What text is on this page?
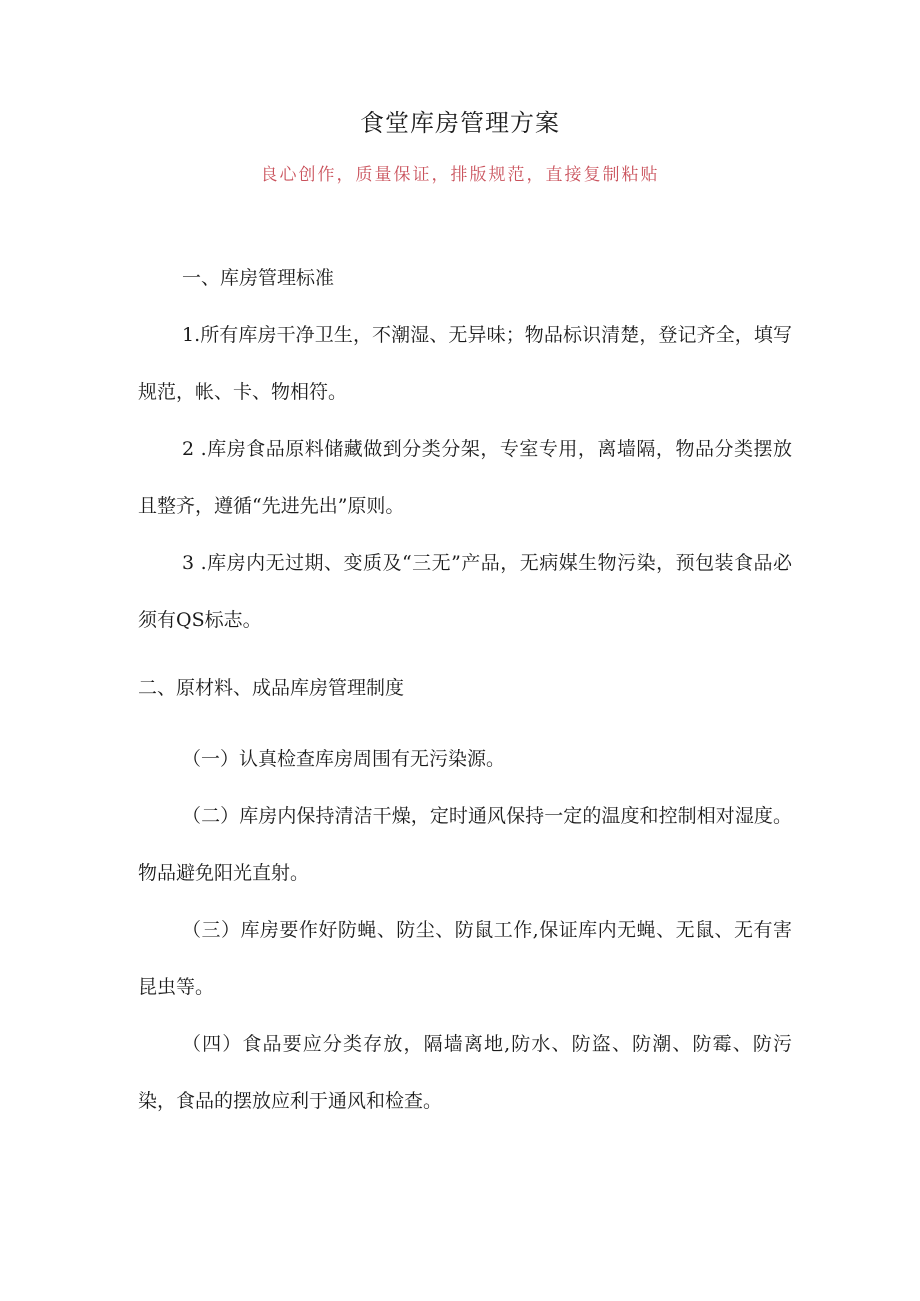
食堂库房管理方案
良心创作，质量保证，排版规范，直接复制粘贴

一、库房管理标准

1.所有库房干净卫生，不潮湿、无异味；物品标识清楚，登记齐全，填写规范，帐、卡、物相符。

2 .库房食品原料储藏做到分类分架，专室专用，离墙隔，物品分类摆放且整齐，遵循“先进先出”原则。

3 .库房内无过期、变质及“三无”产品，无病媒生物污染，预包装食品必须有QS标志。

二、原材料、成品库房管理制度

（一）认真检查库房周围有无污染源。

（二）库房内保持清洁干燥，定时通风保持一定的温度和控制相对湿度。物品避免阳光直射。

（三）库房要作好防蝇、防尘、防鼠工作,保证库内无蝇、无鼠、无有害昆虫等。

（四）食品要应分类存放，隔墙离地,防水、防盗、防潮、防霉、防污染，食品的摆放应利于通风和检查。
